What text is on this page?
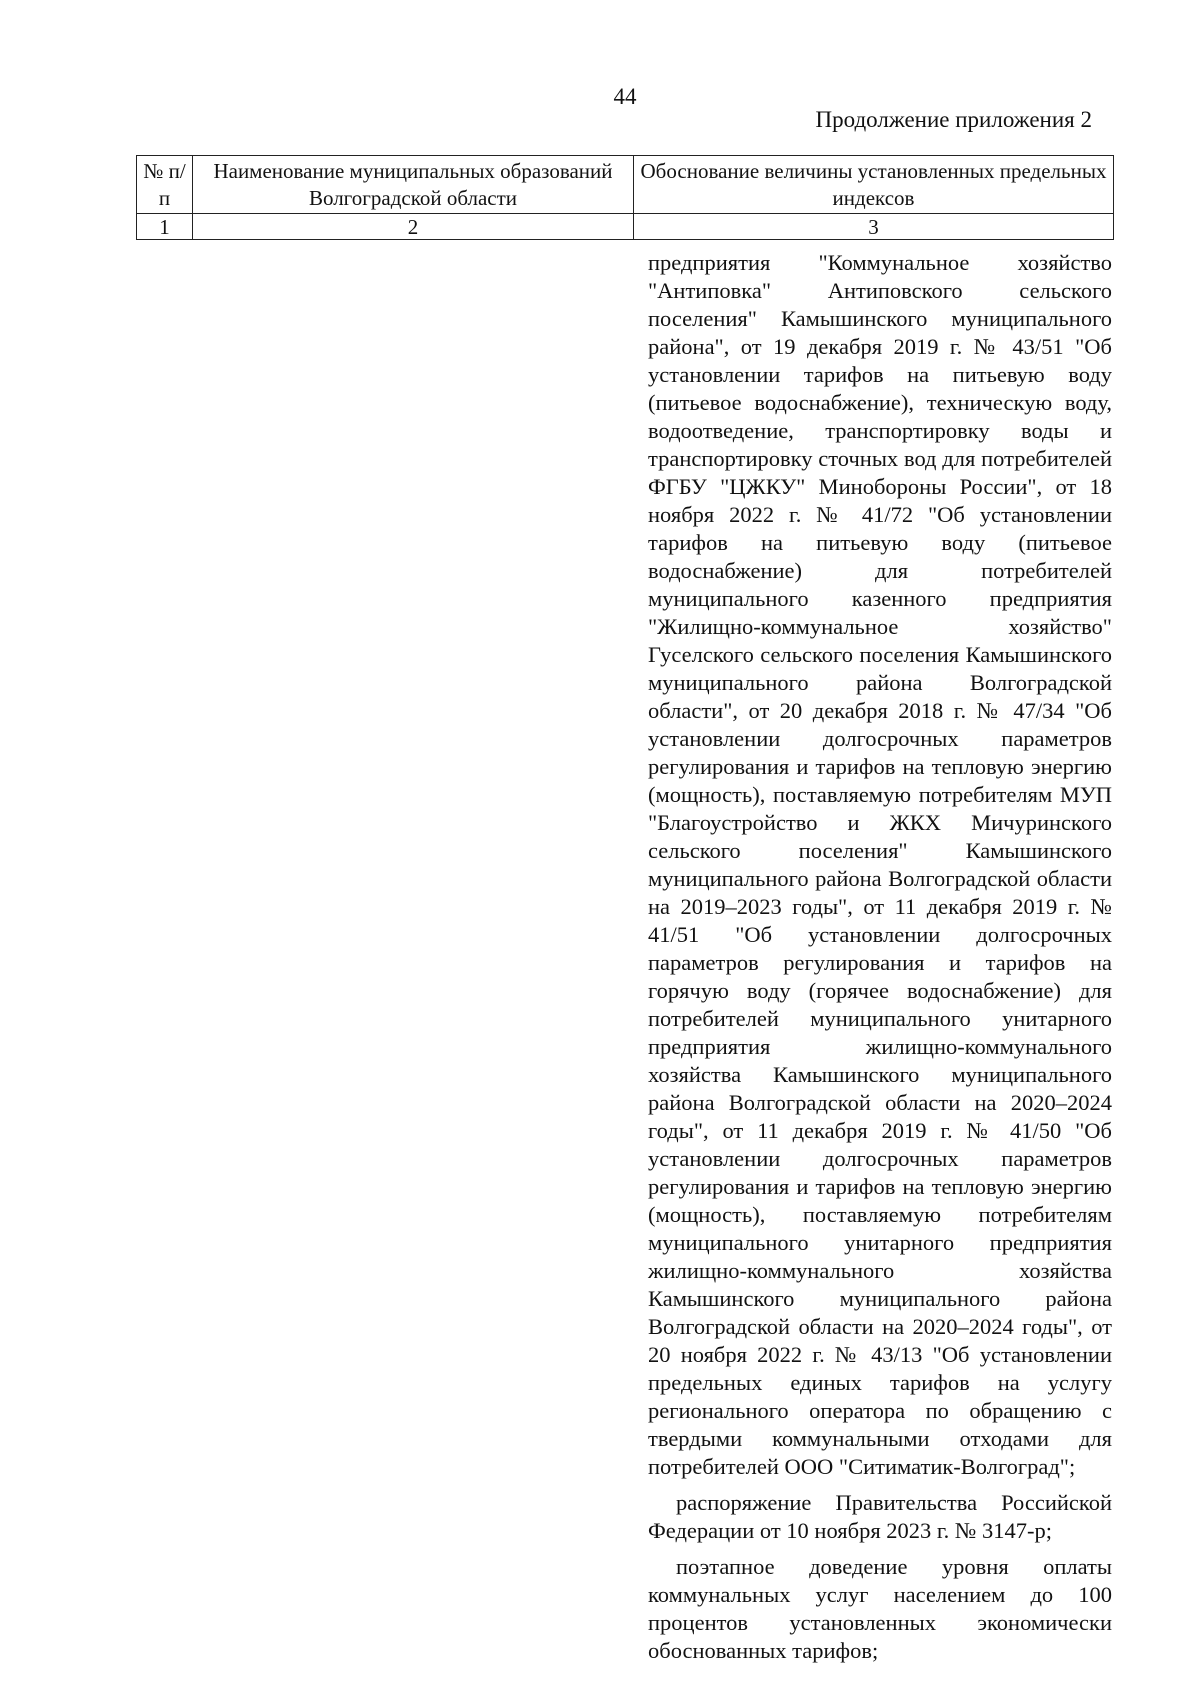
44
Продолжение приложения 2
№ п/п	Наименование муниципальных образований Волгоградской области	Обоснование величины установленных предельных индексов
1	2	3

предприятия "Коммунальное хозяйство "Антиповка" Антиповского сельского поселения" Камышинского муниципального района", от 19 декабря 2019 г. № 43/51 "Об установлении тарифов на питьевую воду (питьевое водоснабжение), техническую воду, водоотведение, транспортировку воды и транспортировку сточных вод для потребителей ФГБУ "ЦЖКУ" Минобороны России", от 18 ноября 2022 г. № 41/72 "Об установлении тарифов на питьевую воду (питьевое водоснабжение) для потребителей муниципального казенного предприятия "Жилищно-коммунальное хозяйство" Гуселского сельского поселения Камышинского муниципального района Волгоградской области", от 20 декабря 2018 г. № 47/34 "Об установлении долгосрочных параметров регулирования и тарифов на тепловую энергию (мощность), поставляемую потребителям МУП "Благоустройство и ЖКХ Мичуринского сельского поселения" Камышинского муниципального района Волгоградской области на 2019–2023 годы", от 11 декабря 2019 г. № 41/51 "Об установлении долгосрочных параметров регулирования и тарифов на горячую воду (горячее водоснабжение) для потребителей муниципального унитарного предприятия жилищно-коммунального хозяйства Камышинского муниципального района Волгоградской области на 2020–2024 годы", от 11 декабря 2019 г. № 41/50 "Об установлении долгосрочных параметров регулирования и тарифов на тепловую энергию (мощность), поставляемую потребителям муниципального унитарного предприятия жилищно-коммунального хозяйства Камышинского муниципального района Волгоградской области на 2020–2024 годы", от 20 ноября 2022 г. № 43/13 "Об установлении предельных единых тарифов на услугу регионального оператора по обращению с твердыми коммунальными отходами для потребителей ООО "Ситиматик-Волгоград";

распоряжение Правительства Российской Федерации от 10 ноября 2023 г. № 3147-р;

поэтапное доведение уровня оплаты коммунальных услуг населением до 100 процентов установленных экономически обоснованных тарифов;
